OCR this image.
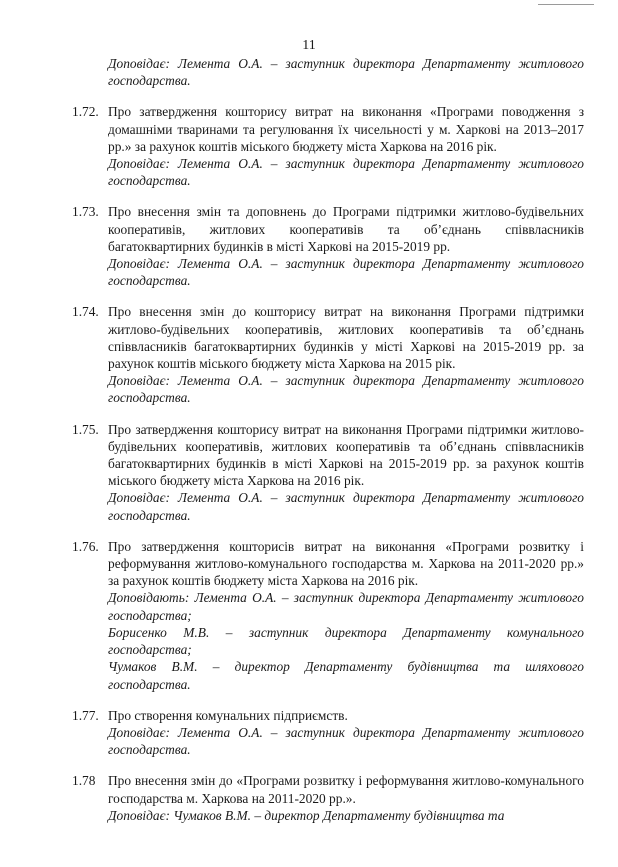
11
Доповідає: Лемента О.А. – заступник директора Департаменту житлового господарства.
1.72. Про затвердження кошторису витрат на виконання «Програми поводження з домашніми тваринами та регулювання їх чисельності у м. Харкові на 2013–2017 рр.» за рахунок коштів міського бюджету міста Харкова на 2016 рік.
Доповідає: Лемента О.А. – заступник директора Департаменту житлового господарства.
1.73. Про внесення змін та доповнень до Програми підтримки житлово-будівельних кооперативів, житлових кооперативів та об’єднань співвласників багатоквартирних будинків в місті Харкові на 2015-2019 рр.
Доповідає: Лемента О.А. – заступник директора Департаменту житлового господарства.
1.74. Про внесення змін до кошторису витрат на виконання Програми підтримки житлово-будівельних кооперативів, житлових кооперативів та об’єднань співвласників багатоквартирних будинків у місті Харкові на 2015-2019 рр. за рахунок коштів міського бюджету міста Харкова на 2015 рік.
Доповідає: Лемента О.А. – заступник директора Департаменту житлового господарства.
1.75. Про затвердження кошторису витрат на виконання Програми підтримки житлово-будівельних кооперативів, житлових кооперативів та об’єднань співвласників багатоквартирних будинків в місті Харкові на 2015-2019 рр. за рахунок коштів міського бюджету міста Харкова на 2016 рік.
Доповідає: Лемента О.А. – заступник директора Департаменту житлового господарства.
1.76. Про затвердження кошторисів витрат на виконання «Програми розвитку і реформування житлово-комунального господарства м. Харкова на 2011-2020 рр.» за рахунок коштів бюджету міста Харкова на 2016 рік.
Доповідають: Лемента О.А. – заступник директора Департаменту житлового господарства;
Борисенко М.В. – заступник директора Департаменту комунального господарства;
Чумаков В.М. – директор Департаменту будівництва та шляхового господарства.
1.77. Про створення комунальних підприємств.
Доповідає: Лемента О.А. – заступник директора Департаменту житлового господарства.
1.78 Про внесення змін до «Програми розвитку і реформування житлово-комунального господарства м. Харкова на 2011-2020 рр.».
Доповідає: Чумаков В.М. – директор Департаменту будівництва та
